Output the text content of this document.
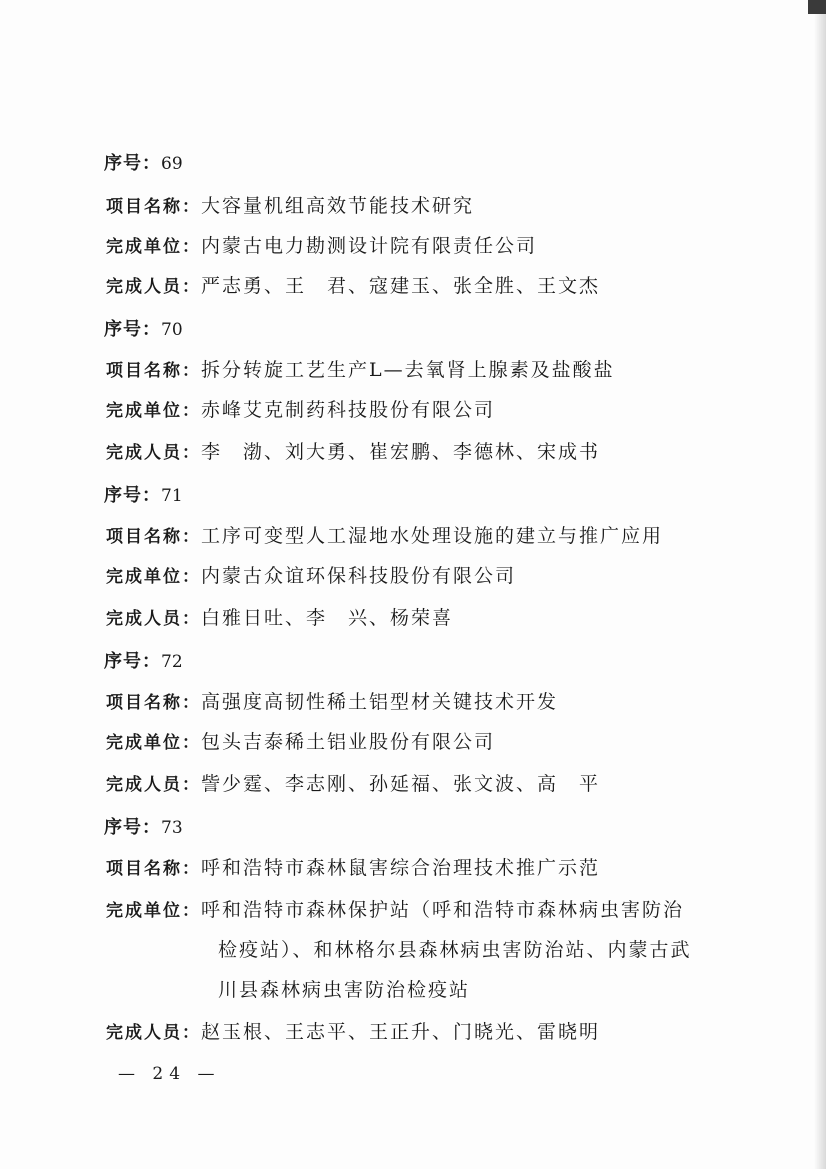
序号：69
项目名称：大容量机组高效节能技术研究
完成单位：内蒙古电力勘测设计院有限责任公司
完成人员：严志勇、王　君、寇建玉、张全胜、王文杰
序号：70
项目名称：拆分转旋工艺生产L—去氧肾上腺素及盐酸盐
完成单位：赤峰艾克制药科技股份有限公司
完成人员：李　渤、刘大勇、崔宏鹏、李德林、宋成书
序号：71
项目名称：工序可变型人工湿地水处理设施的建立与推广应用
完成单位：内蒙古众谊环保科技股份有限公司
完成人员：白雅日吐、李　兴、杨荣喜
序号：72
项目名称：高强度高韧性稀土铝型材关键技术开发
完成单位：包头吉泰稀土铝业股份有限公司
完成人员：訾少霆、李志刚、孙延福、张文波、高　平
序号：73
项目名称：呼和浩特市森林鼠害综合治理技术推广示范
完成单位：呼和浩特市森林保护站（呼和浩特市森林病虫害防治
检疫站）、和林格尔县森林病虫害防治站、内蒙古武
川县森林病虫害防治检疫站
完成人员：赵玉根、王志平、王正升、门晓光、雷晓明
— 24 —
